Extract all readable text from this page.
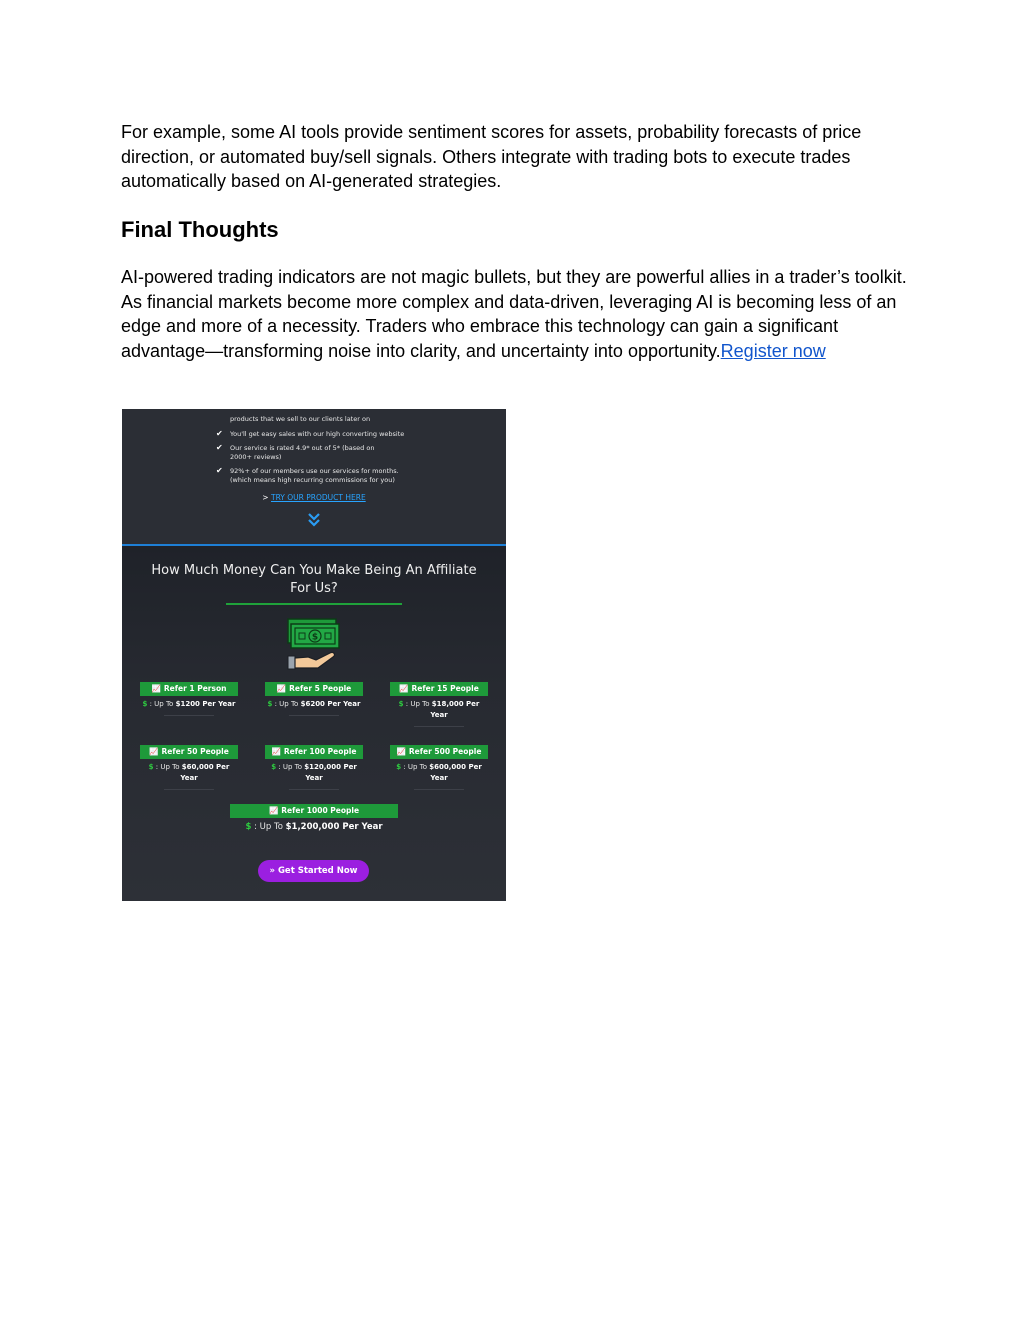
For example, some AI tools provide sentiment scores for assets, probability forecasts of price direction, or automated buy/sell signals. Others integrate with trading bots to execute trades automatically based on AI-generated strategies.

Final Thoughts

AI-powered trading indicators are not magic bullets, but they are powerful allies in a trader’s toolkit. As financial markets become more complex and data-driven, leveraging AI is becoming less of an edge and more of a necessity. Traders who embrace this technology can gain a significant advantage—transforming noise into clarity, and uncertainty into opportunity.Register now

products that we sell to our clients later on
✔ You'll get easy sales with our high converting website
✔ Our service is rated 4.9* out of 5* (based on 2000+ reviews)
✔ 92%+ of our members use our services for months. (which means high recurring commissions for you)
> TRY OUR PRODUCT HERE
How Much Money Can You Make Being An Affiliate For Us?
$
📈 Refer 1 Person
$ : Up To $1200 Per Year
📈 Refer 5 People
$ : Up To $6200 Per Year
📈 Refer 15 People
$ : Up To $18,000 Per Year
📈 Refer 50 People
$ : Up To $60,000 Per Year
📈 Refer 100 People
$ : Up To $120,000 Per Year
📈 Refer 500 People
$ : Up To $600,000 Per Year
📈 Refer 1000 People
$ : Up To $1,200,000 Per Year
» Get Started Now
